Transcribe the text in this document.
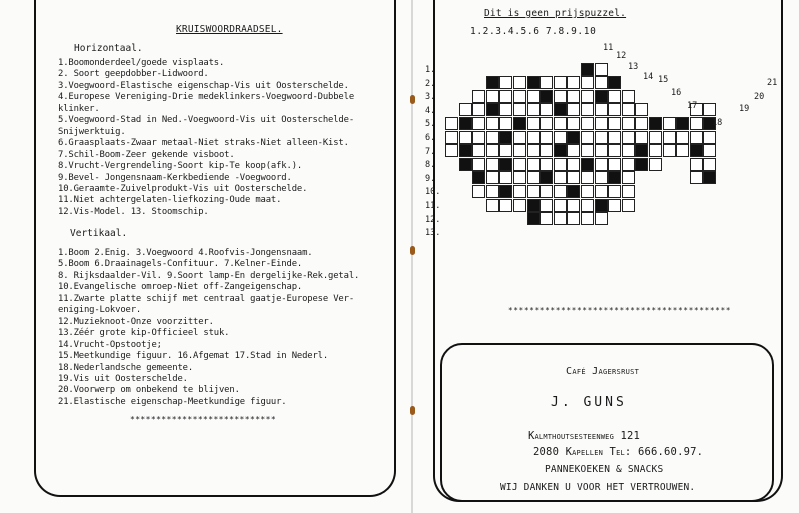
KRUISWOORDRAADSEL.
Horizontaal.
1.Boomonderdeel/goede visplaats.
2. Soort geepdobber-Lidwoord.
3.Voegwoord-Elastische eigenschap-Vis uit Oosterschelde.
4.Europese Vereniging-Drie medeklinkers-Voegwoord-Dubbele
klinker.
5.Voegwoord-Stad in Ned.-Voegwoord-Vis uit Oosterschelde-
Snijwerktuig.
6.Graasplaats-Zwaar metaal-Niet straks-Niet alleen-Kist.
7.Schil-Boom-Zeer gekende visboot.
8.Vrucht-Vergrendeling-Soort kip-Te koop(afk.).
9.Bevel- Jongensnaam-Kerkbediende -Voegwoord.
10.Geraamte-Zuivelprodukt-Vis uit Oosterschelde.
11.Niet achtergelaten-liefkozing-Oude maat.
12.Vis-Model. 13. Stoomschip.
Vertikaal.
1.Boom 2.Enig. 3.Voegwoord 4.Roofvis-Jongensnaam.
5.Boom 6.Draainagels-Confituur. 7.Kelner-Einde.
8. Rijksdaalder-Vil. 9.Soort lamp-En dergelijke-Rek.getal.
10.Evangelische omroep-Niet off-Zangeigenschap.
11.Zwarte platte schijf met centraal gaatje-Europese Ver-
eniging-Lokvoer.
12.Muzieknoot-Onze voorzitter.
13.Zéér grote kip-Officieel stuk.
14.Vrucht-Opstootje;
15.Meetkundige figuur. 16.Afgemat 17.Stad in Nederl.
18.Nederlandsche gemeente.
19.Vis uit Oosterschelde.
20.Voorwerp om onbekend te blijven.
21.Elastische eigenschap-Meetkundige figuur.
****************************
Dit is geen prijspuzzel.
1.2.3.4.5.6 7.8.9.10
1.
2.
3.
4.
5.
6.
7.
8.
9.
10.
11.
12.
13.
11
12
13
14 15
16
17
18
19
20
21
******************************************
Café Jagersrust
J. GUNS
Kalmthoutsesteenweg 121
2080 Kapellen Tel: 666.60.97.
PANNEKOEKEN & SNACKS
WIJ DANKEN U VOOR HET VERTROUWEN.
